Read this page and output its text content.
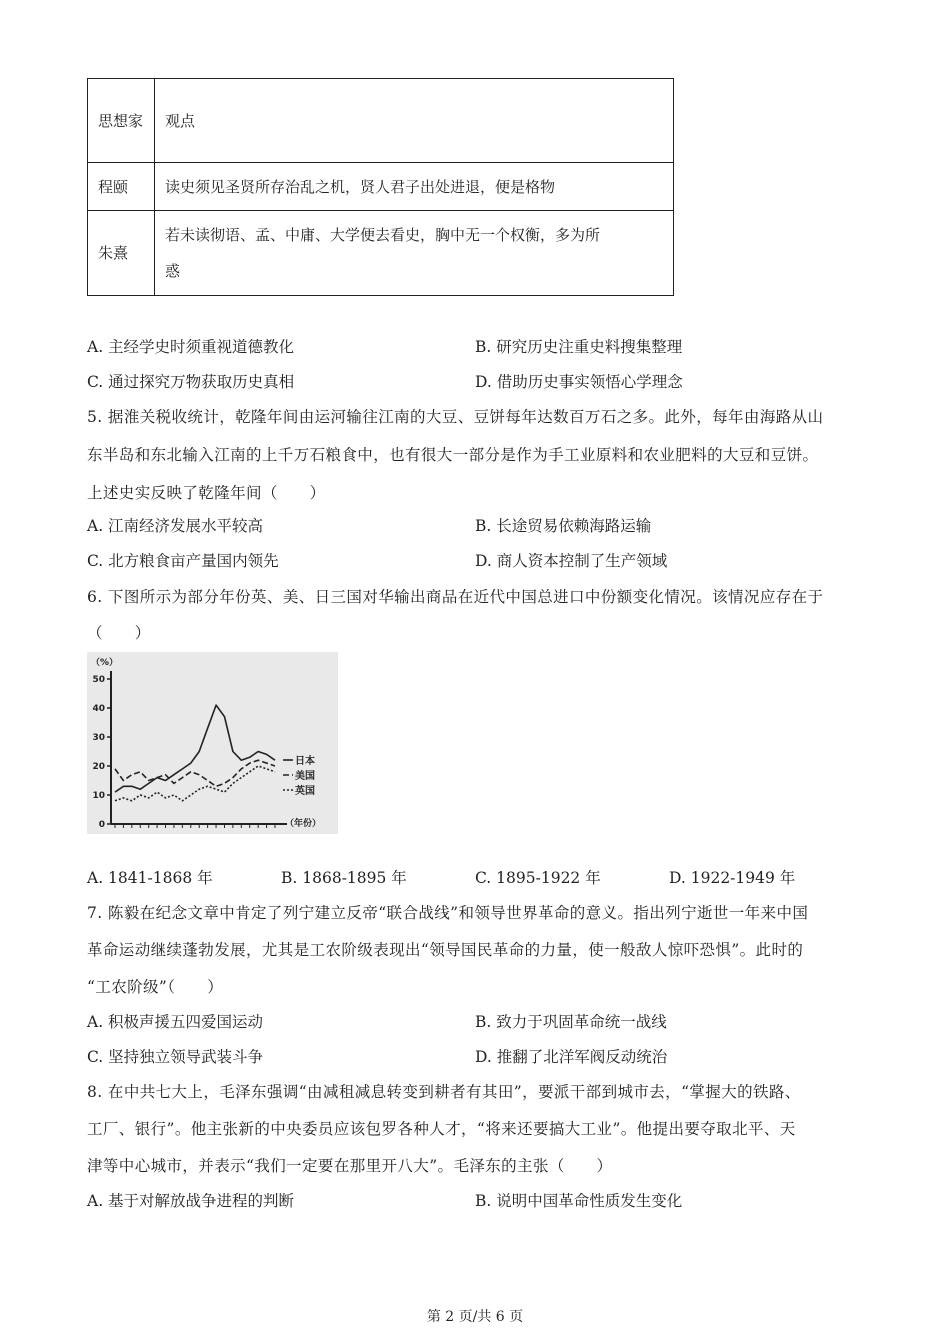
思想家	观点
程颐	读史须见圣贤所存治乱之机，贤人君子出处进退，便是格物
朱熹	若未读彻语、孟、中庸、大学便去看史，胸中无一个权衡，多为所
惑
A. 主经学史时须重视道德教化	B. 研究历史注重史料搜集整理
C. 通过探究万物获取历史真相	D. 借助历史事实领悟心学理念
5. 据淮关税收统计，乾隆年间由运河输往江南的大豆、豆饼每年达数百万石之多。此外，每年由海路从山
东半岛和东北输入江南的上千万石粮食中，也有很大一部分是作为手工业原料和农业肥料的大豆和豆饼。
上述史实反映了乾隆年间（　　）
A. 江南经济发展水平较高	B. 长途贸易依赖海路运输
C. 北方粮食亩产量国内领先	D. 商人资本控制了生产领域
6. 下图所示为部分年份英、美、日三国对华输出商品在近代中国总进口中份额变化情况。该情况应存在于
（　　）
（%）
（年份）
0
10
20
30
40
50
日本
美国
英国
A. 1841-1868 年	B. 1868-1895 年	C. 1895-1922 年	D. 1922-1949 年
7. 陈毅在纪念文章中肯定了列宁建立反帝“联合战线”和领导世界革命的意义。指出列宁逝世一年来中国
革命运动继续蓬勃发展，尤其是工农阶级表现出“领导国民革命的力量，使一般敌人惊吓恐惧”。此时的
“工农阶级”（　　）
A. 积极声援五四爱国运动	B. 致力于巩固革命统一战线
C. 坚持独立领导武装斗争	D. 推翻了北洋军阀反动统治
8. 在中共七大上，毛泽东强调“由减租减息转变到耕者有其田”，要派干部到城市去，“掌握大的铁路、
工厂、银行”。他主张新的中央委员应该包罗各种人才，“将来还要搞大工业”。他提出要夺取北平、天
津等中心城市，并表示“我们一定要在那里开八大”。毛泽东的主张（　　）
A. 基于对解放战争进程的判断	B. 说明中国革命性质发生变化
第 2 页/共 6 页
